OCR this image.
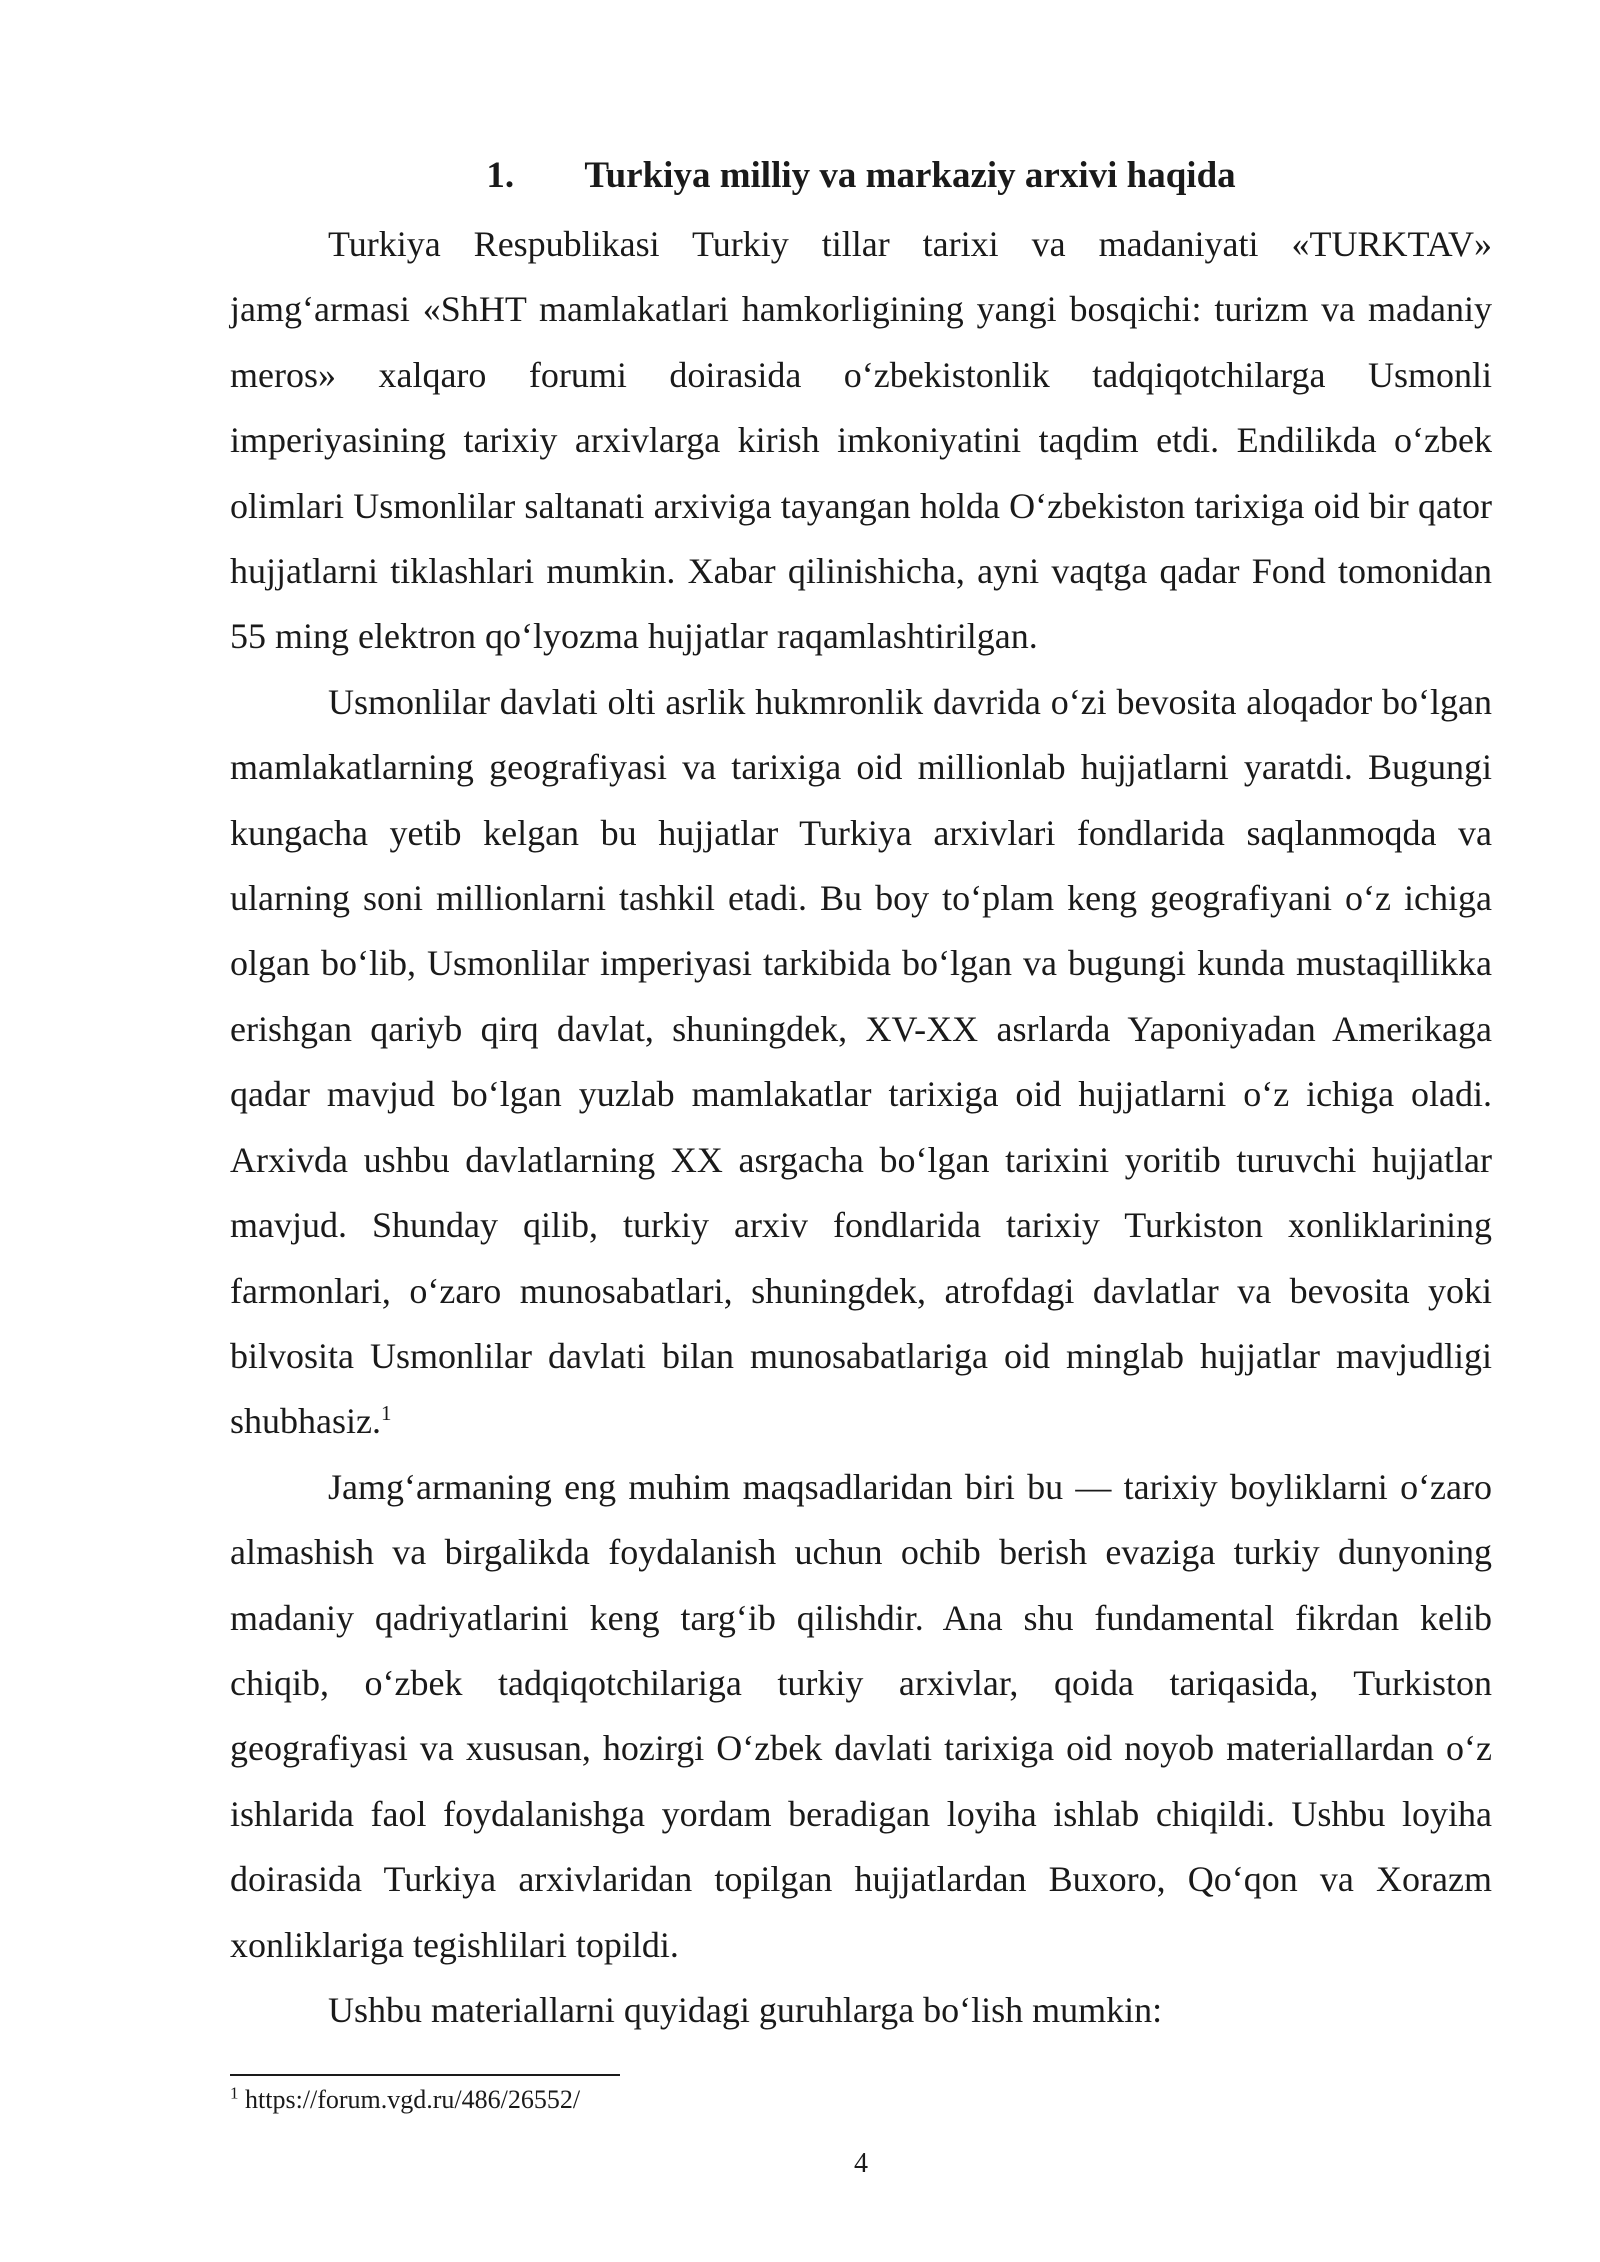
1. Turkiya milliy va markaziy arxivi haqida

Turkiya Respublikasi Turkiy tillar tarixi va madaniyati «TURKTAV» jamg‘armasi «ShHT mamlakatlari hamkorligining yangi bosqichi: turizm va madaniy meros» xalqaro forumi doirasida o‘zbekistonlik tadqiqotchilarga Usmonli imperiyasining tarixiy arxivlarga kirish imkoniyatini taqdim etdi. Endilikda o‘zbek olimlari Usmonlilar saltanati arxiviga tayangan holda O‘zbekiston tarixiga oid bir qator hujjatlarni tiklashlari mumkin. Xabar qilinishicha, ayni vaqtga qadar Fond tomonidan 55 ming elektron qo‘lyozma hujjatlar raqamlashtirilgan.

Usmonlilar davlati olti asrlik hukmronlik davrida o‘zi bevosita aloqador bo‘lgan mamlakatlarning geografiyasi va tarixiga oid millionlab hujjatlarni yaratdi. Bugungi kungacha yetib kelgan bu hujjatlar Turkiya arxivlari fondlarida saqlanmoqda va ularning soni millionlarni tashkil etadi. Bu boy to‘plam keng geografiyani o‘z ichiga olgan bo‘lib, Usmonlilar imperiyasi tarkibida bo‘lgan va bugungi kunda mustaqillikka erishgan qariyb qirq davlat, shuningdek, XV-XX asrlarda Yaponiyadan Amerikaga qadar mavjud bo‘lgan yuzlab mamlakatlar tarixiga oid hujjatlarni o‘z ichiga oladi. Arxivda ushbu davlatlarning XX asrgacha bo‘lgan tarixini yoritib turuvchi hujjatlar mavjud. Shunday qilib, turkiy arxiv fondlarida tarixiy Turkiston xonliklarining farmonlari, o‘zaro munosabatlari, shuningdek, atrofdagi davlatlar va bevosita yoki bilvosita Usmonlilar davlati bilan munosabatlariga oid minglab hujjatlar mavjudligi shubhasiz.$^1$

Jamg‘armaning eng muhim maqsadlaridan biri bu — tarixiy boyliklarni o‘zaro almashish va birgalikda foydalanish uchun ochib berish evaziga turkiy dunyoning madaniy qadriyatlarini keng targ‘ib qilishdir. Ana shu fundamental fikrdan kelib chiqib, o‘zbek tadqiqotchilariga turkiy arxivlar, qoida tariqasida, Turkiston geografiyasi va xususan, hozirgi O‘zbek davlati tarixiga oid noyob materiallardan o‘z ishlarida faol foydalanishga yordam beradigan loyiha ishlab chiqildi. Ushbu loyiha doirasida Turkiya arxivlaridan topilgan hujjatlardan Buxoro, Qo‘qon va Xorazm xonliklariga tegishlilari topildi.

Ushbu materiallarni quyidagi guruhlarga bo‘lish mumkin:

$^1$ https://forum.vgd.ru/486/26552/
4
